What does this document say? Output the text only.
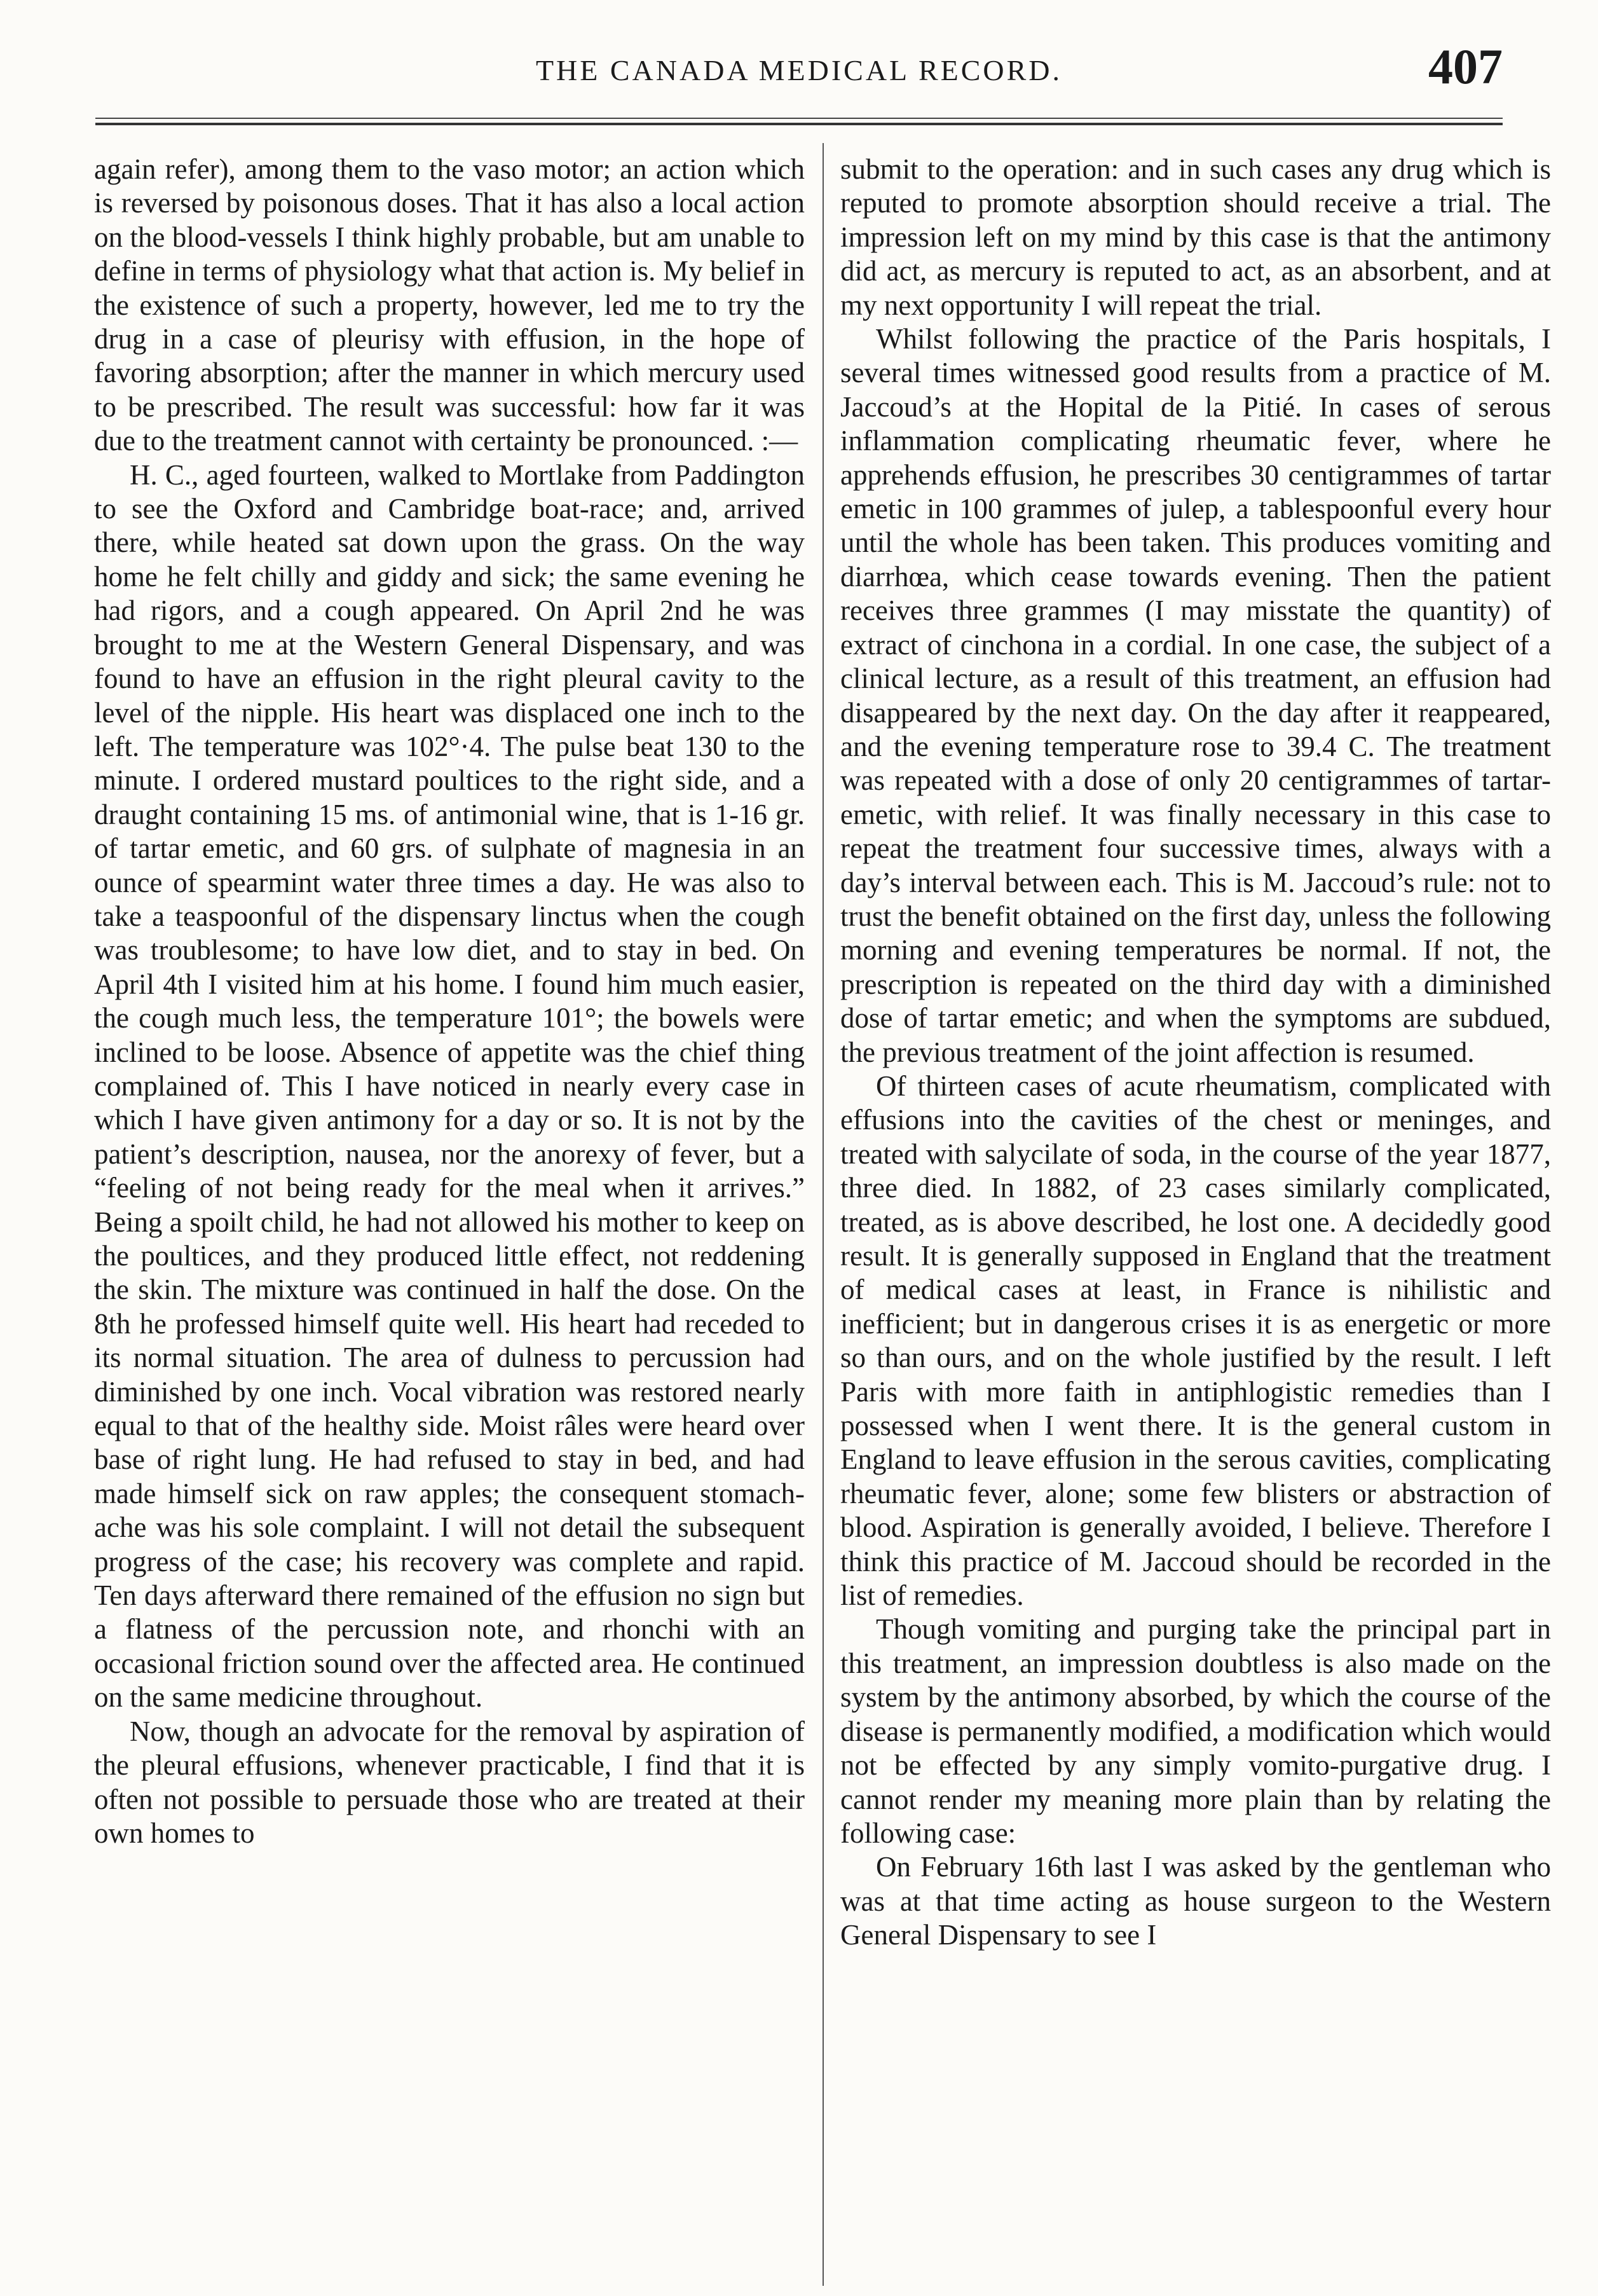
THE CANADA MEDICAL RECORD.	407

again refer), among them to the vaso motor; an action which is reversed by poisonous doses. That it has also a local action on the blood-vessels I think highly probable, but am unable to define in terms of physiology what that action is. My belief in the existence of such a property, however, led me to try the drug in a case of pleurisy with effusion, in the hope of favoring absorption; after the manner in which mercury used to be prescribed. The result was successful: how far it was due to the treatment cannot with certainty be pronounced. :—

H. C., aged fourteen, walked to Mortlake from Paddington to see the Oxford and Cambridge boat-race; and, arrived there, while heated sat down upon the grass. On the way home he felt chilly and giddy and sick; the same evening he had rigors, and a cough appeared. On April 2nd he was brought to me at the Western General Dispensary, and was found to have an effusion in the right pleural cavity to the level of the nipple. His heart was displaced one inch to the left. The temperature was 102°·4. The pulse beat 130 to the minute. I ordered mustard poultices to the right side, and a draught containing 15 ms. of antimonial wine, that is 1-16 gr. of tartar emetic, and 60 grs. of sulphate of magnesia in an ounce of spearmint water three times a day. He was also to take a teaspoonful of the dispensary linctus when the cough was troublesome; to have low diet, and to stay in bed. On April 4th I visited him at his home. I found him much easier, the cough much less, the temperature 101°; the bowels were inclined to be loose. Absence of appetite was the chief thing complained of. This I have noticed in nearly every case in which I have given antimony for a day or so. It is not by the patient’s description, nausea, nor the anorexy of fever, but a “feeling of not being ready for the meal when it arrives.” Being a spoilt child, he had not allowed his mother to keep on the poultices, and they produced little effect, not reddening the skin. The mixture was continued in half the dose. On the 8th he professed himself quite well. His heart had receded to its normal situation. The area of dulness to percussion had diminished by one inch. Vocal vibration was restored nearly equal to that of the healthy side. Moist râles were heard over base of right lung. He had refused to stay in bed, and had made himself sick on raw apples; the consequent stomach-ache was his sole complaint. I will not detail the subsequent progress of the case; his recovery was complete and rapid. Ten days afterward there remained of the effusion no sign but a flatness of the percussion note, and rhonchi with an occasional friction sound over the affected area. He continued on the same medicine throughout.

Now, though an advocate for the removal by aspiration of the pleural effusions, whenever practicable, I find that it is often not possible to persuade those who are treated at their own homes to

submit to the operation: and in such cases any drug which is reputed to promote absorption should receive a trial. The impression left on my mind by this case is that the antimony did act, as mercury is reputed to act, as an absorbent, and at my next opportunity I will repeat the trial.

Whilst following the practice of the Paris hospitals, I several times witnessed good results from a practice of M. Jaccoud’s at the Hopital de la Pitié. In cases of serous inflammation complicating rheumatic fever, where he apprehends effusion, he prescribes 30 centigrammes of tartar emetic in 100 grammes of julep, a tablespoonful every hour until the whole has been taken. This produces vomiting and diarrhœa, which cease towards evening. Then the patient receives three grammes (I may misstate the quantity) of extract of cinchona in a cordial. In one case, the subject of a clinical lecture, as a result of this treatment, an effusion had disappeared by the next day. On the day after it reappeared, and the evening temperature rose to 39.4 C. The treatment was repeated with a dose of only 20 centigrammes of tartar-emetic, with relief. It was finally necessary in this case to repeat the treatment four successive times, always with a day’s interval between each. This is M. Jaccoud’s rule: not to trust the benefit obtained on the first day, unless the following morning and evening temperatures be normal. If not, the prescription is repeated on the third day with a diminished dose of tartar emetic; and when the symptoms are subdued, the previous treatment of the joint affection is resumed.

Of thirteen cases of acute rheumatism, complicated with effusions into the cavities of the chest or meninges, and treated with salycilate of soda, in the course of the year 1877, three died. In 1882, of 23 cases similarly complicated, treated, as is above described, he lost one. A decidedly good result. It is generally supposed in England that the treatment of medical cases at least, in France is nihilistic and inefficient; but in dangerous crises it is as energetic or more so than ours, and on the whole justified by the result. I left Paris with more faith in antiphlogistic remedies than I possessed when I went there. It is the general custom in England to leave effusion in the serous cavities, complicating rheumatic fever, alone; some few blisters or abstraction of blood. Aspiration is generally avoided, I believe. Therefore I think this practice of M. Jaccoud should be recorded in the list of remedies.

Though vomiting and purging take the principal part in this treatment, an impression doubtless is also made on the system by the antimony absorbed, by which the course of the disease is permanently modified, a modification which would not be effected by any simply vomito-purgative drug. I cannot render my meaning more plain than by relating the following case:

On February 16th last I was asked by the gentleman who was at that time acting as house surgeon to the Western General Dispensary to see I
